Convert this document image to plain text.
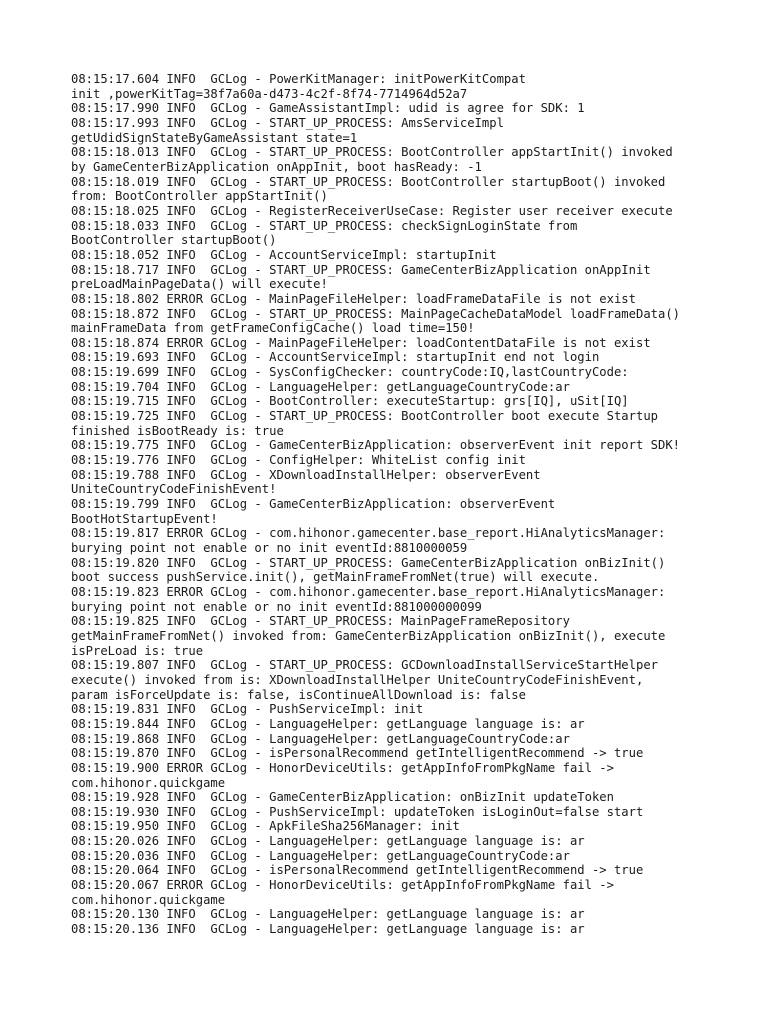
08:15:17.604 INFO  GCLog - PowerKitManager: initPowerKitCompat
init ,powerKitTag=38f7a60a-d473-4c2f-8f74-7714964d52a7
08:15:17.990 INFO  GCLog - GameAssistantImpl: udid is agree for SDK: 1
08:15:17.993 INFO  GCLog - START_UP_PROCESS: AmsServiceImpl
getUdidSignStateByGameAssistant state=1
08:15:18.013 INFO  GCLog - START_UP_PROCESS: BootController appStartInit() invoked
by GameCenterBizApplication onAppInit, boot hasReady: -1
08:15:18.019 INFO  GCLog - START_UP_PROCESS: BootController startupBoot() invoked
from: BootController appStartInit()
08:15:18.025 INFO  GCLog - RegisterReceiverUseCase: Register user receiver execute
08:15:18.033 INFO  GCLog - START_UP_PROCESS: checkSignLoginState from
BootController startupBoot()
08:15:18.052 INFO  GCLog - AccountServiceImpl: startupInit
08:15:18.717 INFO  GCLog - START_UP_PROCESS: GameCenterBizApplication onAppInit
preLoadMainPageData() will execute!
08:15:18.802 ERROR GCLog - MainPageFileHelper: loadFrameDataFile is not exist
08:15:18.872 INFO  GCLog - START_UP_PROCESS: MainPageCacheDataModel loadFrameData()
mainFrameData from getFrameConfigCache() load time=150!
08:15:18.874 ERROR GCLog - MainPageFileHelper: loadContentDataFile is not exist
08:15:19.693 INFO  GCLog - AccountServiceImpl: startupInit end not login
08:15:19.699 INFO  GCLog - SysConfigChecker: countryCode:IQ,lastCountryCode:
08:15:19.704 INFO  GCLog - LanguageHelper: getLanguageCountryCode:ar
08:15:19.715 INFO  GCLog - BootController: executeStartup: grs[IQ], uSit[IQ]
08:15:19.725 INFO  GCLog - START_UP_PROCESS: BootController boot execute Startup
finished isBootReady is: true
08:15:19.775 INFO  GCLog - GameCenterBizApplication: observerEvent init report SDK!
08:15:19.776 INFO  GCLog - ConfigHelper: WhiteList config init
08:15:19.788 INFO  GCLog - XDownloadInstallHelper: observerEvent
UniteCountryCodeFinishEvent!
08:15:19.799 INFO  GCLog - GameCenterBizApplication: observerEvent
BootHotStartupEvent!
08:15:19.817 ERROR GCLog - com.hihonor.gamecenter.base_report.HiAnalyticsManager:
burying point not enable or no init eventId:8810000059
08:15:19.820 INFO  GCLog - START_UP_PROCESS: GameCenterBizApplication onBizInit()
boot success pushService.init(), getMainFrameFromNet(true) will execute.
08:15:19.823 ERROR GCLog - com.hihonor.gamecenter.base_report.HiAnalyticsManager:
burying point not enable or no init eventId:881000000099
08:15:19.825 INFO  GCLog - START_UP_PROCESS: MainPageFrameRepository
getMainFrameFromNet() invoked from: GameCenterBizApplication onBizInit(), execute
isPreLoad is: true
08:15:19.807 INFO  GCLog - START_UP_PROCESS: GCDownloadInstallServiceStartHelper
execute() invoked from is: XDownloadInstallHelper UniteCountryCodeFinishEvent,
param isForceUpdate is: false, isContinueAllDownload is: false
08:15:19.831 INFO  GCLog - PushServiceImpl: init
08:15:19.844 INFO  GCLog - LanguageHelper: getLanguage language is: ar
08:15:19.868 INFO  GCLog - LanguageHelper: getLanguageCountryCode:ar
08:15:19.870 INFO  GCLog - isPersonalRecommend getIntelligentRecommend -> true
08:15:19.900 ERROR GCLog - HonorDeviceUtils: getAppInfoFromPkgName fail ->
com.hihonor.quickgame
08:15:19.928 INFO  GCLog - GameCenterBizApplication: onBizInit updateToken
08:15:19.930 INFO  GCLog - PushServiceImpl: updateToken isLoginOut=false start
08:15:19.950 INFO  GCLog - ApkFileSha256Manager: init
08:15:20.026 INFO  GCLog - LanguageHelper: getLanguage language is: ar
08:15:20.036 INFO  GCLog - LanguageHelper: getLanguageCountryCode:ar
08:15:20.064 INFO  GCLog - isPersonalRecommend getIntelligentRecommend -> true
08:15:20.067 ERROR GCLog - HonorDeviceUtils: getAppInfoFromPkgName fail ->
com.hihonor.quickgame
08:15:20.130 INFO  GCLog - LanguageHelper: getLanguage language is: ar
08:15:20.136 INFO  GCLog - LanguageHelper: getLanguage language is: ar
